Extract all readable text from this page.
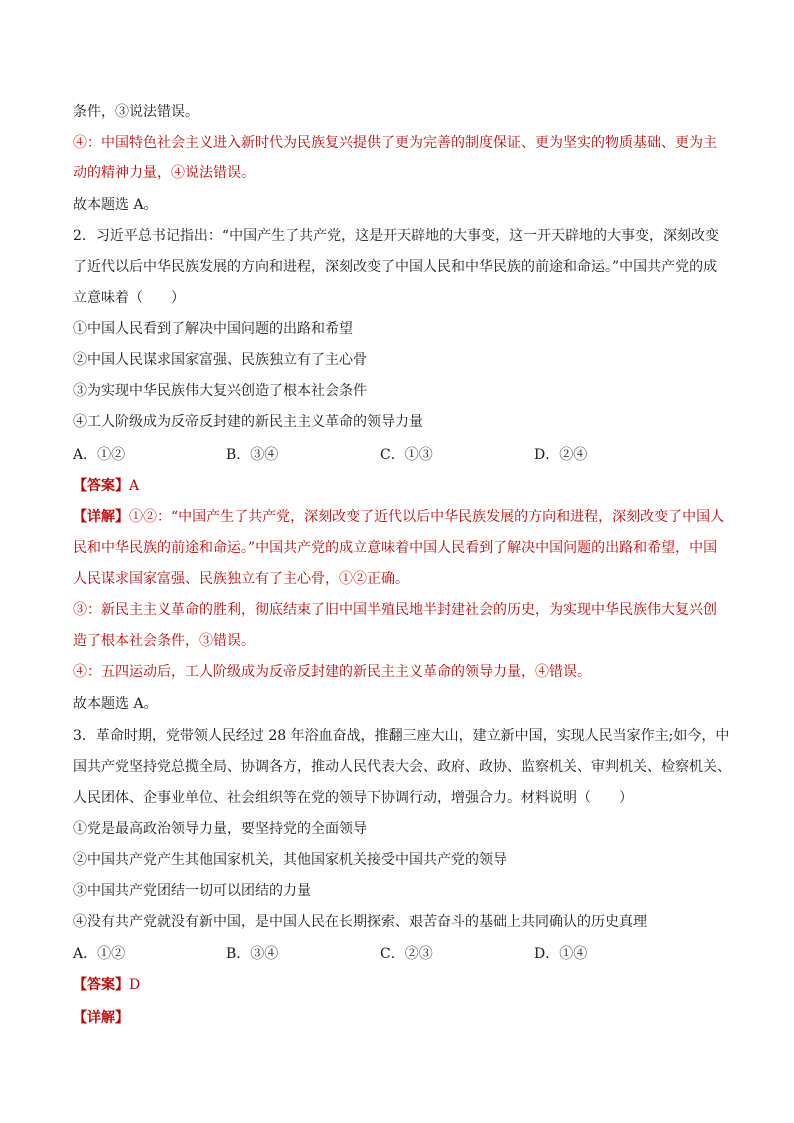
条件，③说法错误。
④：中国特色社会主义进入新时代为民族复兴提供了更为完善的制度保证、更为坚实的物质基础、更为主
动的精神力量，④说法错误。
故本题选 A。
2．习近平总书记指出：“中国产生了共产党，这是开天辟地的大事变，这一开天辟地的大事变，深刻改变
了近代以后中华民族发展的方向和进程，深刻改变了中国人民和中华民族的前途和命运。”中国共产党的成
立意味着（　　）
①中国人民看到了解决中国问题的出路和希望
②中国人民谋求国家富强、民族独立有了主心骨
③为实现中华民族伟大复兴创造了根本社会条件
④工人阶级成为反帝反封建的新民主主义革命的领导力量
A．①②	B．③④	C．①③	D．②④
【答案】A
【详解】①②：“中国产生了共产党，深刻改变了近代以后中华民族发展的方向和进程，深刻改变了中国人
民和中华民族的前途和命运。”中国共产党的成立意味着中国人民看到了解决中国问题的出路和希望，中国
人民谋求国家富强、民族独立有了主心骨，①②正确。
③：新民主主义革命的胜利，彻底结束了旧中国半殖民地半封建社会的历史，为实现中华民族伟大复兴创
造了根本社会条件，③错误。
④：五四运动后，工人阶级成为反帝反封建的新民主主义革命的领导力量，④错误。
故本题选 A。
3．革命时期，党带领人民经过 28 年浴血奋战，推翻三座大山，建立新中国，实现人民当家作主;如今，中
国共产党坚持党总揽全局、协调各方，推动人民代表大会、政府、政协、监察机关、审判机关、检察机关、
人民团体、企事业单位、社会组织等在党的领导下协调行动，增强合力。材料说明（　　）
①党是最高政治领导力量，要坚持党的全面领导
②中国共产党产生其他国家机关，其他国家机关接受中国共产党的领导
③中国共产党团结一切可以团结的力量
④没有共产党就没有新中国，是中国人民在长期探索、艰苦奋斗的基础上共同确认的历史真理
A．①②	B．③④	C．②③	D．①④
【答案】D
【详解】
